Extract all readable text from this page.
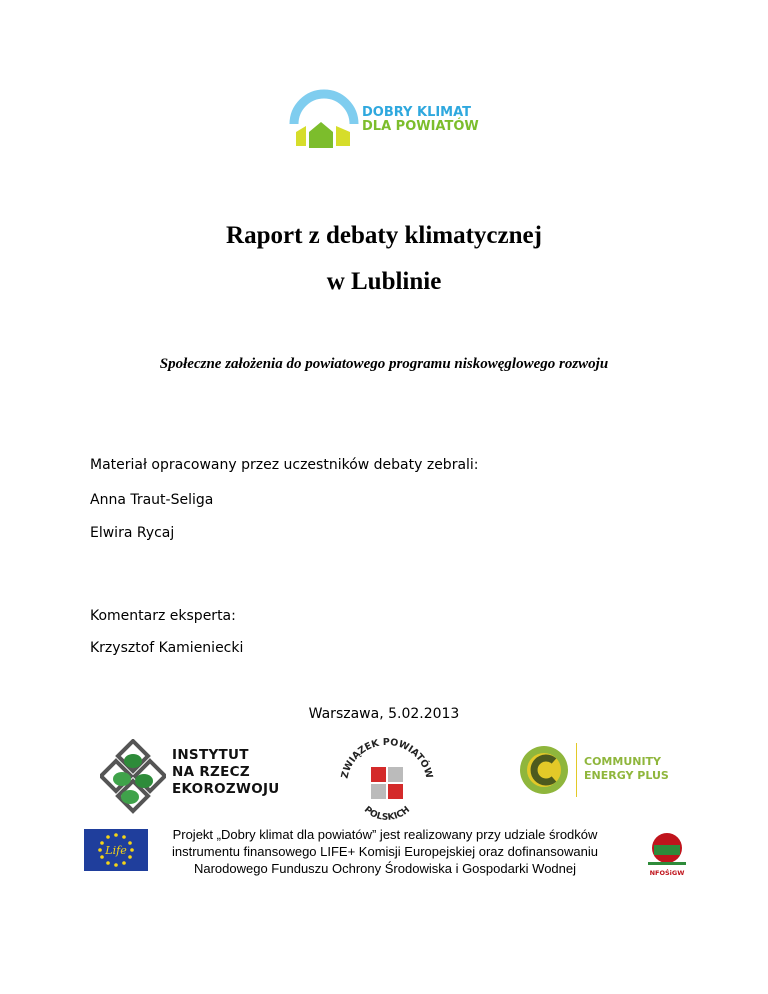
DOBRY KLIMAT
DLA POWIATÓW
Raport z debaty klimatycznej
w Lublinie
Społeczne założenia do powiatowego programu niskowęglowego rozwoju
Materiał opracowany przez uczestników debaty zebrali:
Anna Traut-Seliga
Elwira Rycaj
Komentarz eksperta:
Krzysztof Kamieniecki
Warszawa, 5.02.2013
INSTYTUT
NA RZECZ
EKOROZWOJU
ZWIĄZEK POWIATÓW
POLSKICH
COMMUNITY
ENERGY PLUS
Life
Projekt „Dobry klimat dla powiatów” jest realizowany przy udziale środków
instrumentu finansowego LIFE+ Komisji Europejskiej oraz dofinansowaniu
Narodowego Funduszu Ochrony Środowiska i Gospodarki Wodnej	NFOŚiGW
